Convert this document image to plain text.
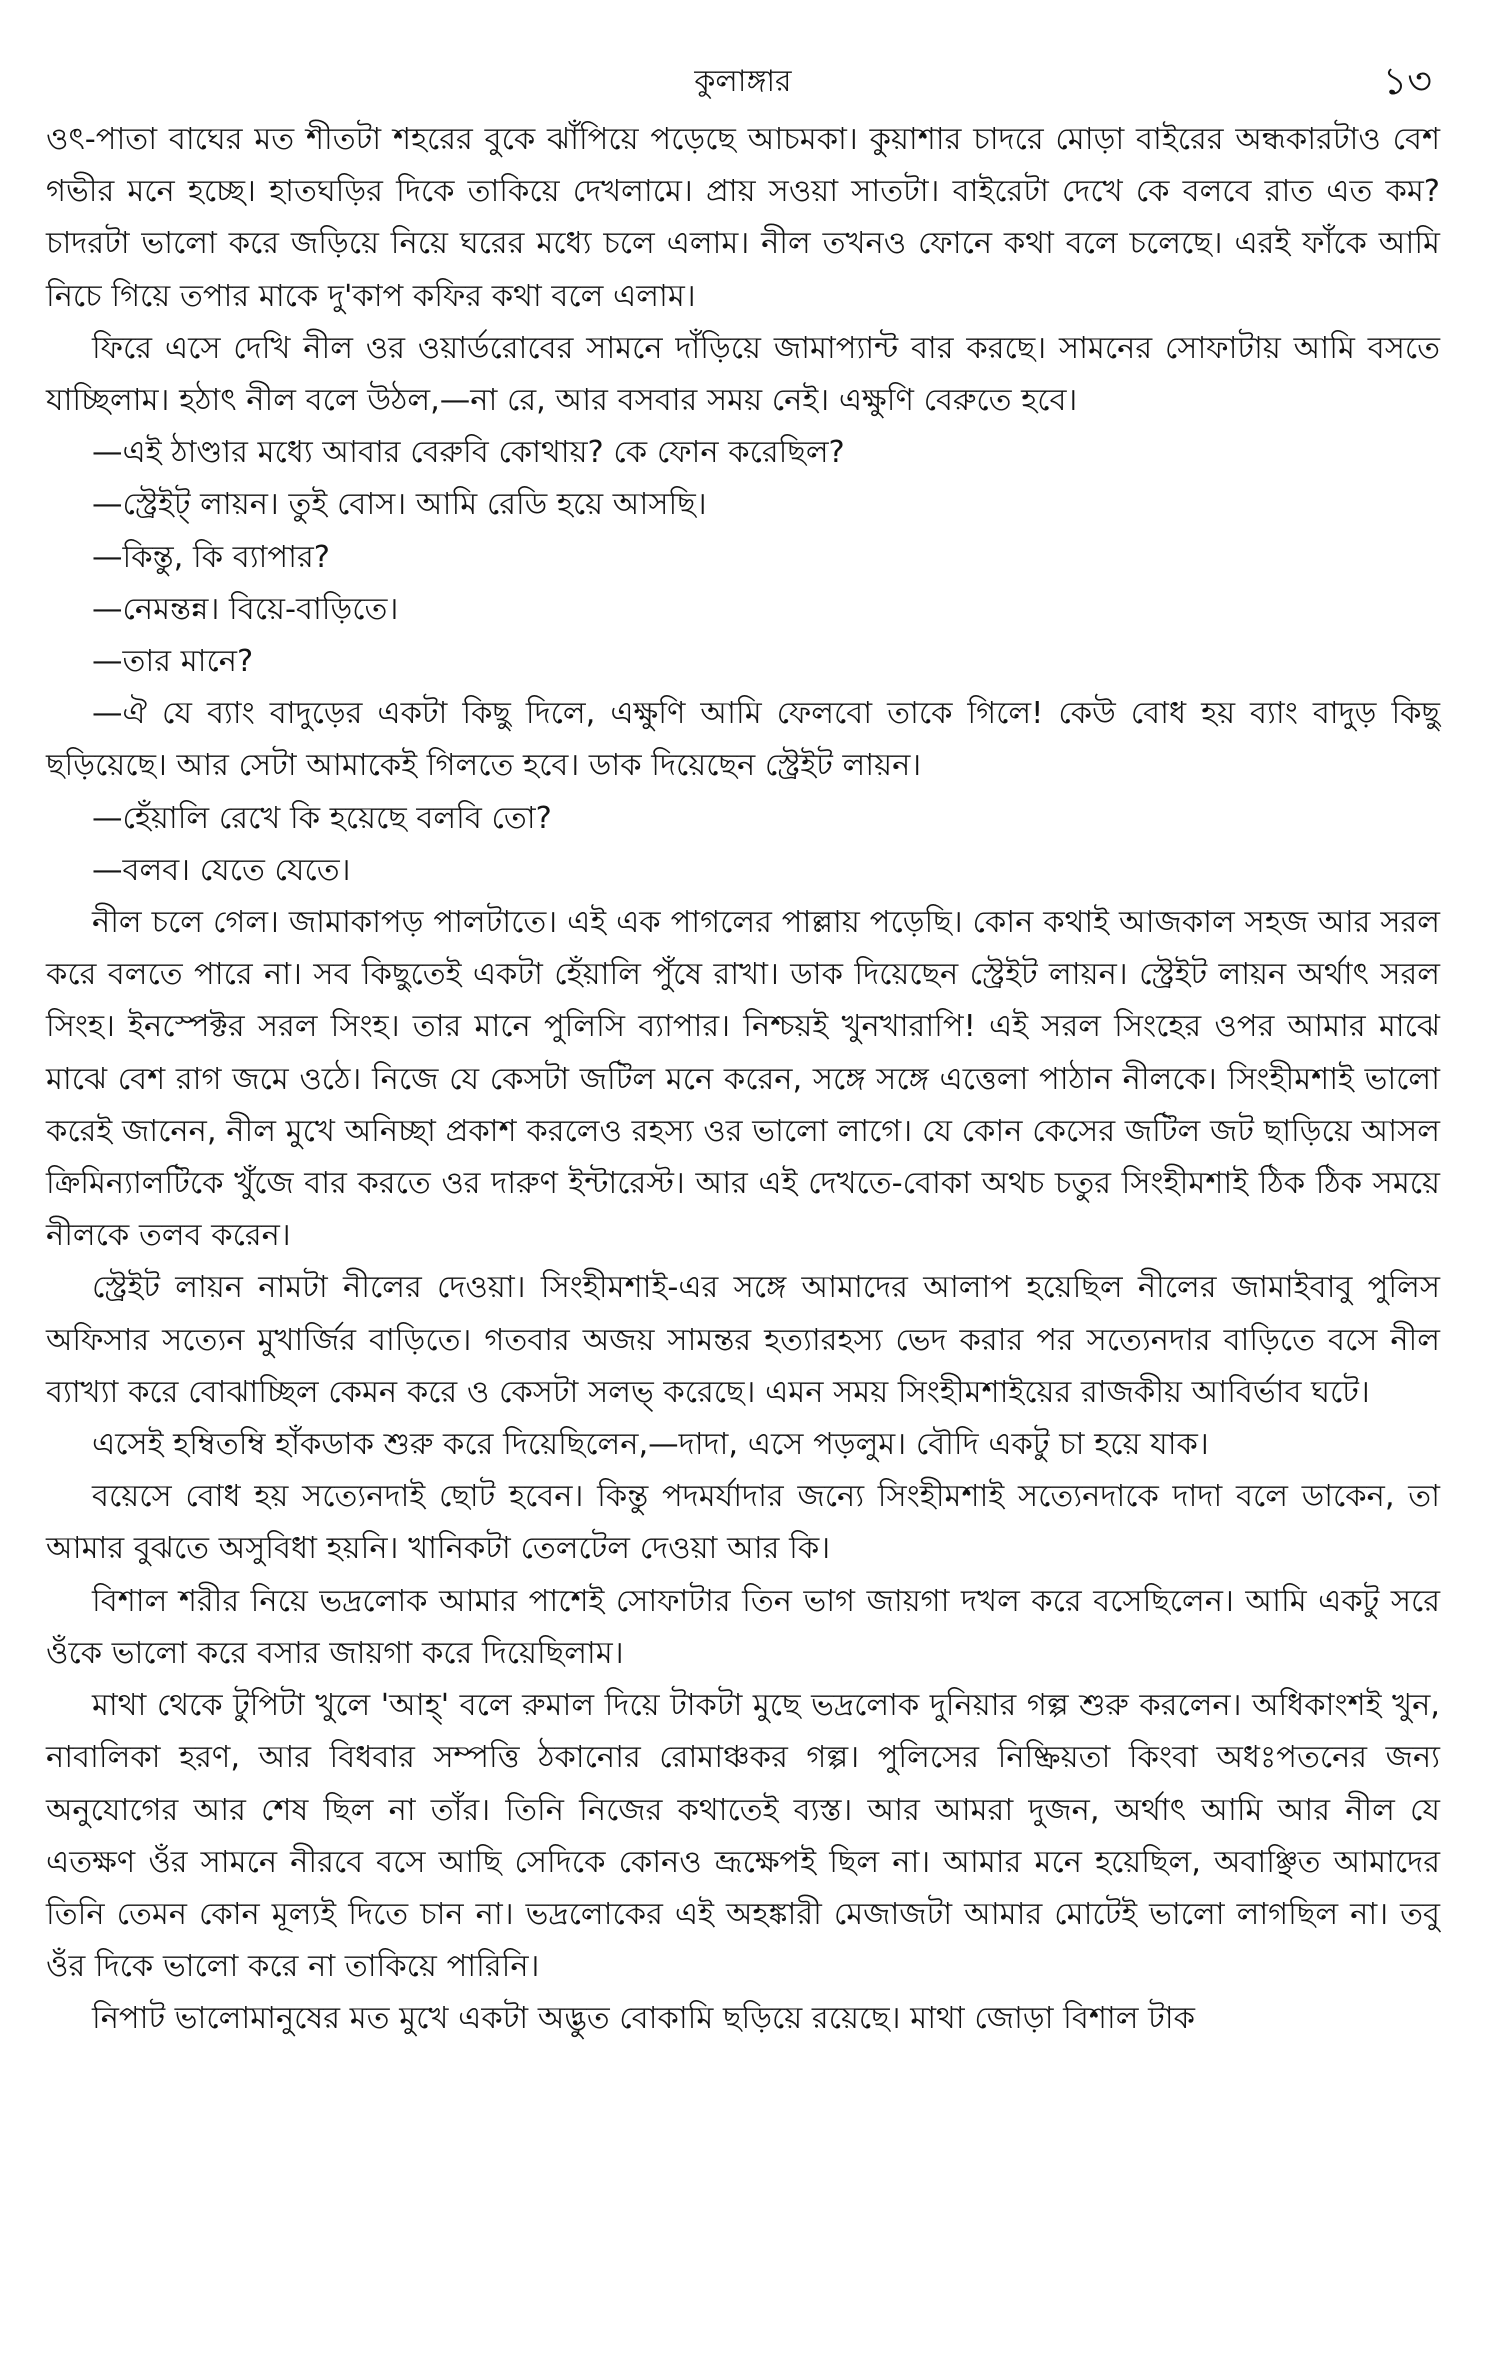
কুলাঙ্গার	১৩

ওৎ-পাতা বাঘের মত শীতটা শহরের বুকে ঝাঁপিয়ে পড়েছে আচমকা। কুয়াশার চাদরে মোড়া বাইরের অন্ধকারটাও বেশ গভীর মনে হচ্ছে। হাতঘড়ির দিকে তাকিয়ে দেখলামে। প্রায় সওয়া সাতটা। বাইরেটা দেখে কে বলবে রাত এত কম? চাদরটা ভালো করে জড়িয়ে নিয়ে ঘরের মধ্যে চলে এলাম। নীল তখনও ফোনে কথা বলে চলেছে। এরই ফাঁকে আমি নিচে গিয়ে তপার মাকে দু'কাপ কফির কথা বলে এলাম।

ফিরে এসে দেখি নীল ওর ওয়ার্ডরোবের সামনে দাঁড়িয়ে জামাপ্যান্ট বার করছে। সামনের সোফাটায় আমি বসতে যাচ্ছিলাম। হঠাৎ নীল বলে উঠল,—না রে, আর বসবার সময় নেই। এক্ষুণি বেরুতে হবে।

—এই ঠাণ্ডার মধ্যে আবার বেরুবি কোথায়? কে ফোন করেছিল?

—স্ট্রেইট্ লায়ন। তুই বোস। আমি রেডি হয়ে আসছি।

—কিন্তু, কি ব্যাপার?

—নেমন্তন্ন। বিয়ে-বাড়িতে।

—তার মানে?

—ঐ যে ব্যাং বাদুড়ের একটা কিছু দিলে, এক্ষুণি আমি ফেলবো তাকে গিলে! কেউ বোধ হয় ব্যাং বাদুড় কিছু ছড়িয়েছে। আর সেটা আমাকেই গিলতে হবে। ডাক দিয়েছেন স্ট্রেইট লায়ন।

—হেঁয়ালি রেখে কি হয়েছে বলবি তো?

—বলব। যেতে যেতে।

নীল চলে গেল। জামাকাপড় পালটাতে। এই এক পাগলের পাল্লায় পড়েছি। কোন কথাই আজকাল সহজ আর সরল করে বলতে পারে না। সব কিছুতেই একটা হেঁয়ালি পুঁষে রাখা। ডাক দিয়েছেন স্ট্রেইট লায়ন। স্ট্রেইট লায়ন অর্থাৎ সরল সিংহ। ইনস্পেক্টর সরল সিংহ। তার মানে পুলিসি ব্যাপার। নিশ্চয়ই খুনখারাপি! এই সরল সিংহের ওপর আমার মাঝে মাঝে বেশ রাগ জমে ওঠে। নিজে যে কেসটা জটিল মনে করেন, সঙ্গে সঙ্গে এত্তেলা পাঠান নীলকে। সিংহীমশাই ভালো করেই জানেন, নীল মুখে অনিচ্ছা প্রকাশ করলেও রহস্য ওর ভালো লাগে। যে কোন কেসের জটিল জট ছাড়িয়ে আসল ক্রিমিন্যালটিকে খুঁজে বার করতে ওর দারুণ ইন্টারেস্ট। আর এই দেখতে-বোকা অথচ চতুর সিংহীমশাই ঠিক ঠিক সময়ে নীলকে তলব করেন।

স্ট্রেইট লায়ন নামটা নীলের দেওয়া। সিংহীমশাই-এর সঙ্গে আমাদের আলাপ হয়েছিল নীলের জামাইবাবু পুলিস অফিসার সত্যেন মুখার্জির বাড়িতে। গতবার অজয় সামন্তর হত্যারহস্য ভেদ করার পর সত্যেনদার বাড়িতে বসে নীল ব্যাখ্যা করে বোঝাচ্ছিল কেমন করে ও কেসটা সলভ্ করেছে। এমন সময় সিংহীমশাইয়ের রাজকীয় আবির্ভাব ঘটে।

এসেই হম্বিতম্বি হাঁকডাক শুরু করে দিয়েছিলেন,—দাদা, এসে পড়লুম। বৌদি একটু চা হয়ে যাক।

বয়েসে বোধ হয় সত্যেনদাই ছোট হবেন। কিন্তু পদমর্যাদার জন্যে সিংহীমশাই সত্যেনদাকে দাদা বলে ডাকেন, তা আমার বুঝতে অসুবিধা হয়নি। খানিকটা তেলটেল দেওয়া আর কি।

বিশাল শরীর নিয়ে ভদ্রলোক আমার পাশেই সোফাটার তিন ভাগ জায়গা দখল করে বসেছিলেন। আমি একটু সরে ওঁকে ভালো করে বসার জায়গা করে দিয়েছিলাম।

মাথা থেকে টুপিটা খুলে 'আহ্' বলে রুমাল দিয়ে টাকটা মুছে ভদ্রলোক দুনিয়ার গল্প শুরু করলেন। অধিকাংশই খুন, নাবালিকা হরণ, আর বিধবার সম্পত্তি ঠকানোর রোমাঞ্চকর গল্প। পুলিসের নিষ্ক্রিয়তা কিংবা অধঃপতনের জন্য অনুযোগের আর শেষ ছিল না তাঁর। তিনি নিজের কথাতেই ব্যস্ত। আর আমরা দুজন, অর্থাৎ আমি আর নীল যে এতক্ষণ ওঁর সামনে নীরবে বসে আছি সেদিকে কোনও ভ্রূক্ষেপই ছিল না। আমার মনে হয়েছিল, অবাঞ্ছিত আমাদের তিনি তেমন কোন মূল্যই দিতে চান না। ভদ্রলোকের এই অহঙ্কারী মেজাজটা আমার মোটেই ভালো লাগছিল না। তবু ওঁর দিকে ভালো করে না তাকিয়ে পারিনি।

নিপাট ভালোমানুষের মত মুখে একটা অদ্ভুত বোকামি ছড়িয়ে রয়েছে। মাথা জোড়া বিশাল টাক
